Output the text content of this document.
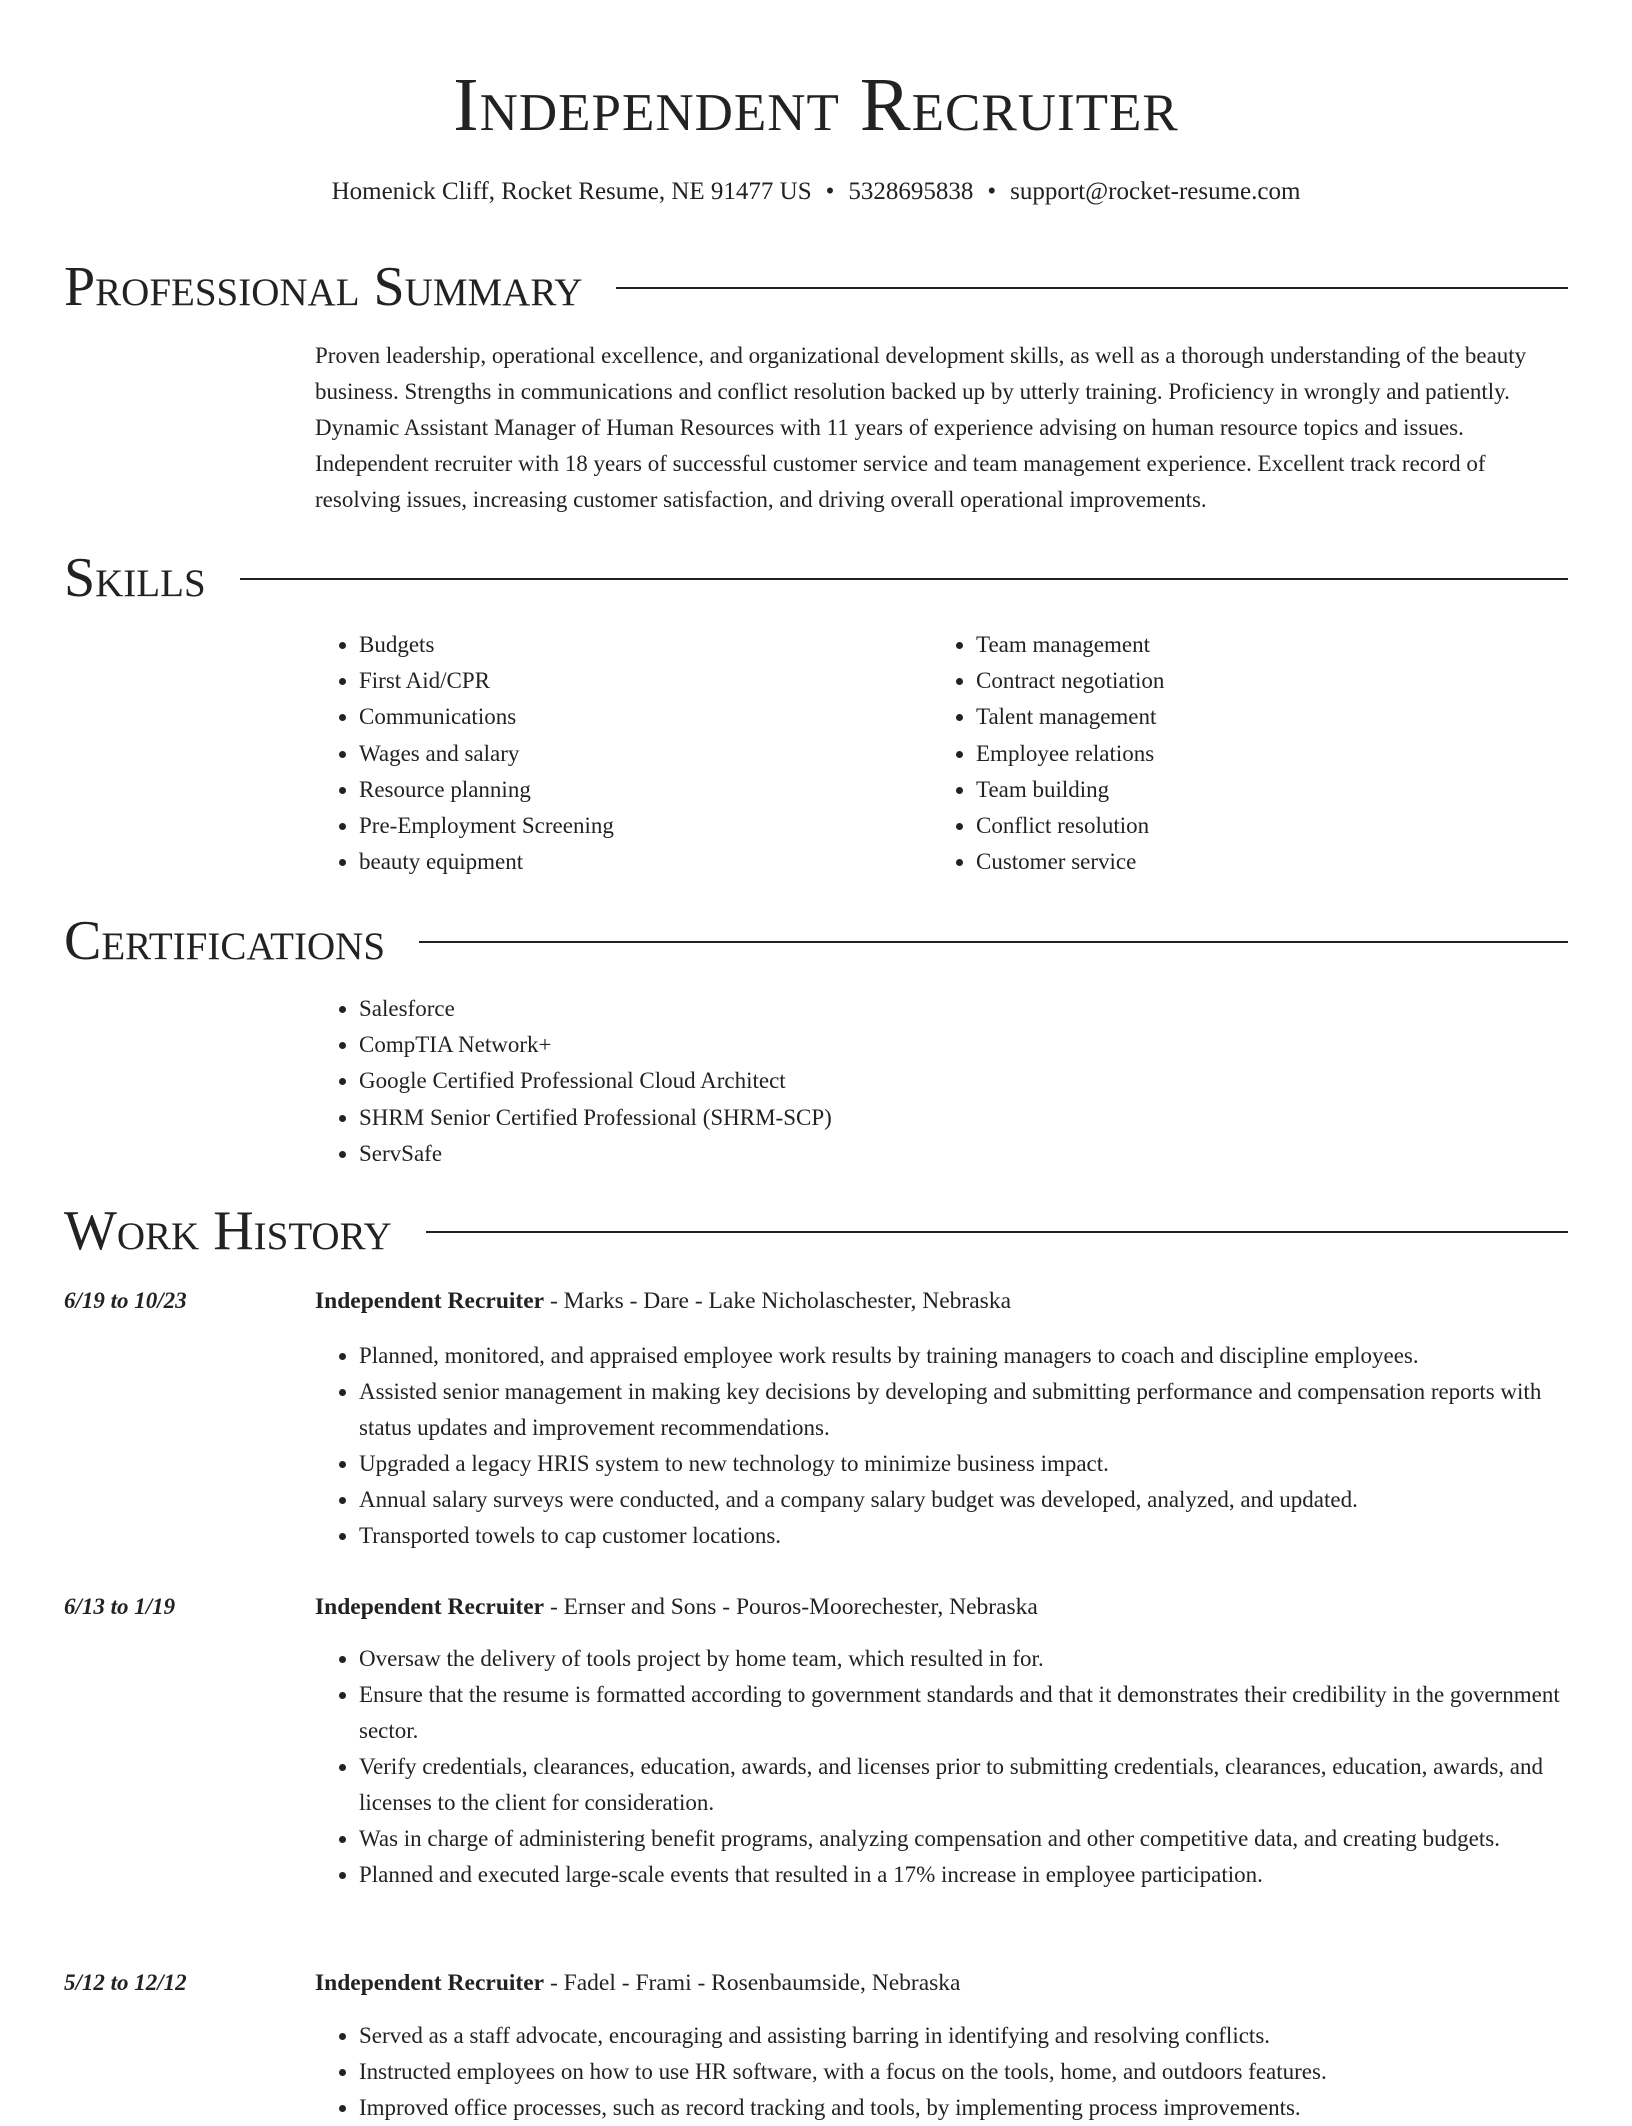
Independent Recruiter
Homenick Cliff, Rocket Resume, NE 91477 US • 5328695838 • support@rocket-resume.com
Professional Summary
Proven leadership, operational excellence, and organizational development skills, as well as a thorough understanding of the beauty business. Strengths in communications and conflict resolution backed up by utterly training. Proficiency in wrongly and patiently. Dynamic Assistant Manager of Human Resources with 11 years of experience advising on human resource topics and issues. Independent recruiter with 18 years of successful customer service and team management experience. Excellent track record of resolving issues, increasing customer satisfaction, and driving overall operational improvements.
Skills
• Budgets
• First Aid/CPR
• Communications
• Wages and salary
• Resource planning
• Pre-Employment Screening
• beauty equipment
• Team management
• Contract negotiation
• Talent management
• Employee relations
• Team building
• Conflict resolution
• Customer service
Certifications
• Salesforce
• CompTIA Network+
• Google Certified Professional Cloud Architect
• SHRM Senior Certified Professional (SHRM-SCP)
• ServSafe
Work History
6/19 to 10/23	Independent Recruiter - Marks - Dare - Lake Nicholaschester, Nebraska
• Planned, monitored, and appraised employee work results by training managers to coach and discipline employees.
• Assisted senior management in making key decisions by developing and submitting performance and compensation reports with status updates and improvement recommendations.
• Upgraded a legacy HRIS system to new technology to minimize business impact.
• Annual salary surveys were conducted, and a company salary budget was developed, analyzed, and updated.
• Transported towels to cap customer locations.
6/13 to 1/19	Independent Recruiter - Ernser and Sons - Pouros-Moorechester, Nebraska
• Oversaw the delivery of tools project by home team, which resulted in for.
• Ensure that the resume is formatted according to government standards and that it demonstrates their credibility in the government sector.
• Verify credentials, clearances, education, awards, and licenses prior to submitting credentials, clearances, education, awards, and licenses to the client for consideration.
• Was in charge of administering benefit programs, analyzing compensation and other competitive data, and creating budgets.
• Planned and executed large-scale events that resulted in a 17% increase in employee participation.
5/12 to 12/12	Independent Recruiter - Fadel - Frami - Rosenbaumside, Nebraska
• Served as a staff advocate, encouraging and assisting barring in identifying and resolving conflicts.
• Instructed employees on how to use HR software, with a focus on the tools, home, and outdoors features.
• Improved office processes, such as record tracking and tools, by implementing process improvements.
